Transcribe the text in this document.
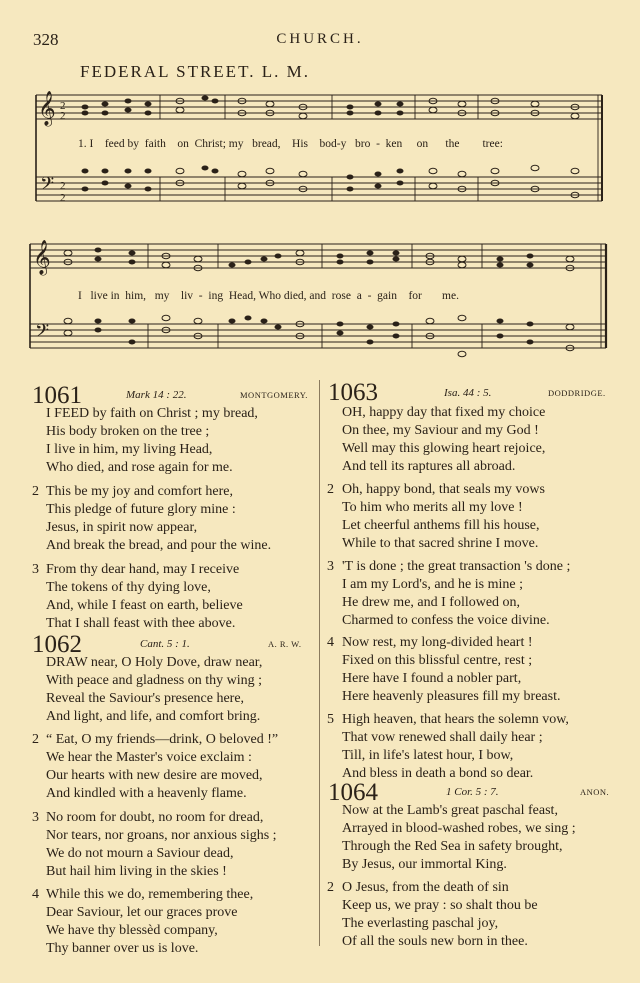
328	CHURCH.
FEDERAL STREET. L. M.
𝄞 2
2
𝄢 2
2
1. I feed by faith on Christ; my bread, His bod-y bro - ken on the tree:
𝄞
𝄢
I live in him, my liv - ing Head, Who died, and rose a - gain for me.
1061	Mark 14 : 22.	MONTGOMERY.
I FEED by faith on Christ ; my bread,
His body broken on the tree ;
I live in him, my living Head,
Who died, and rose again for me.
2 This be my joy and comfort here,
This pledge of future glory mine :
Jesus, in spirit now appear,
And break the bread, and pour the wine.
3 From thy dear hand, may I receive
The tokens of thy dying love,
And, while I feast on earth, believe
That I shall feast with thee above.
1062	Cant. 5 : 1.	A. R. W.
DRAW near, O Holy Dove, draw near,
With peace and gladness on thy wing ;
Reveal the Saviour's presence here,
And light, and life, and comfort bring.
2 “ Eat, O my friends—drink, O beloved !”
We hear the Master's voice exclaim :
Our hearts with new desire are moved,
And kindled with a heavenly flame.
3 No room for doubt, no room for dread,
Nor tears, nor groans, nor anxious sighs ;
We do not mourn a Saviour dead,
But hail him living in the skies !
4 While this we do, remembering thee,
Dear Saviour, let our graces prove
We have thy blessèd company,
Thy banner over us is love.
1063	Isa. 44 : 5.	DODDRIDGE.
OH, happy day that fixed my choice
On thee, my Saviour and my God !
Well may this glowing heart rejoice,
And tell its raptures all abroad.
2 Oh, happy bond, that seals my vows
To him who merits all my love !
Let cheerful anthems fill his house,
While to that sacred shrine I move.
3 'T is done ; the great transaction 's done ;
I am my Lord's, and he is mine ;
He drew me, and I followed on,
Charmed to confess the voice divine.
4 Now rest, my long-divided heart !
Fixed on this blissful centre, rest ;
Here have I found a nobler part,
Here heavenly pleasures fill my breast.
5 High heaven, that hears the solemn vow,
That vow renewed shall daily hear ;
Till, in life's latest hour, I bow,
And bless in death a bond so dear.
1064	1 Cor. 5 : 7.	ANON.
Now at the Lamb's great paschal feast,
Arrayed in blood-washed robes, we sing ;
Through the Red Sea in safety brought,
By Jesus, our immortal King.
2 O Jesus, from the death of sin
Keep us, we pray : so shalt thou be
The everlasting paschal joy,
Of all the souls new born in thee.
